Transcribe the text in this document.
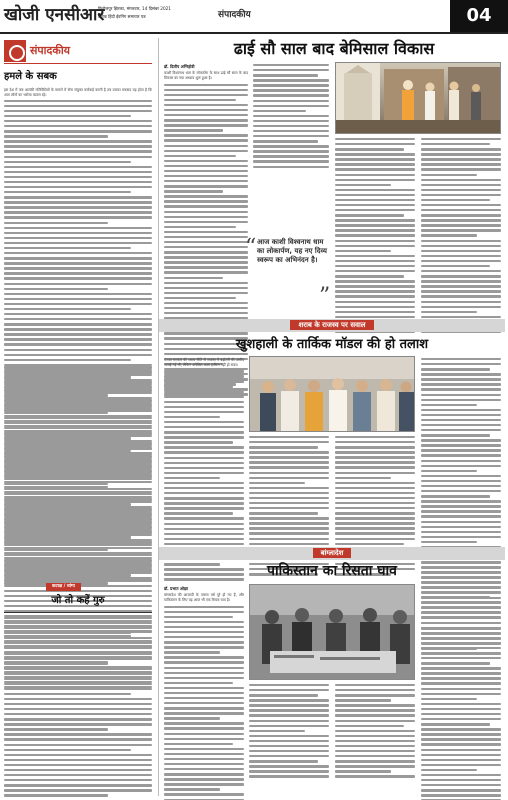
खोजी एनसीआर
फिरोजपुर झिरका, मंगलवार, 14 दिसंबर 2021
दैनिक हिंदी ईवनिंग समाचार पत्र	संपादकीय	04
संपादकीय
हमले के सबक

इस देश में जब आतंकी गतिविधियों के मामले में सेना संयुक्त कार्रवाई करती है तब उसका मकसद यह होता है कि आम लोगों का भरोसा कायम रहे।

कटाक्ष / व्यंग्य
जो तो कहें गुरु
ढाई सौ साल बाद बेमिसाल विकास
डॉ. दिलीप अग्निहोत्री

काशी विश्वनाथ धाम के लोकार्पण के साथ ढाई सौ साल के बाद विकास का नया अध्याय शुरू हुआ है।

“ आज काशी विश्वनाथ धाम का लोकार्पण, यह नए दिव्य स्वरूप का अभिनंदन है।
”
शराब के राजस्व पर सवाल
खुशहाली के तार्किक मॉडल की हो तलाश

पंजाब सरकार की शराब नीति से राजस्व में बढ़ोतरी की उम्मीद जताई गई थी, लेकिन अपेक्षित लक्ष्य हासिल नहीं हो सका।

बांग्लादेश
पाकिस्तान का रिसता घाव
डॉ. प्रभात ओझा

बांग्लादेश की आजादी के पचास वर्ष पूरे हो गए हैं, और पाकिस्तान के लिए यह आज भी एक रिसता घाव है।
